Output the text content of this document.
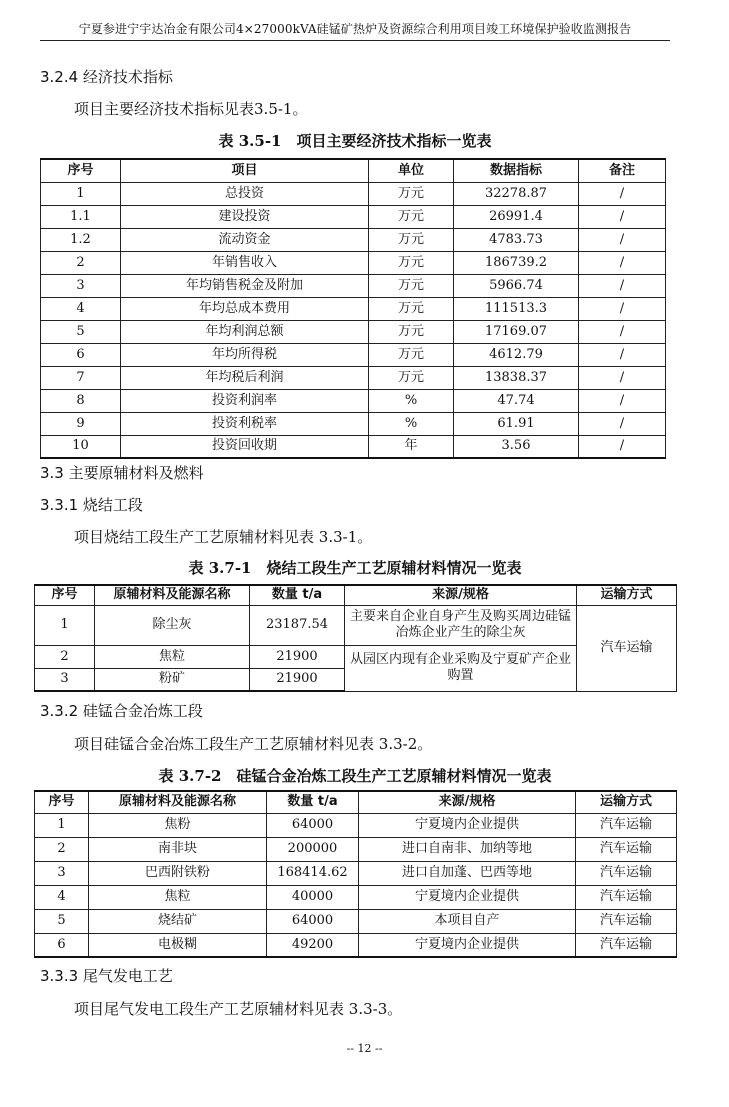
宁夏参进宁宇达冶金有限公司4×27000kVA硅锰矿热炉及资源综合利用项目竣工环境保护验收监测报告
3.2.4 经济技术指标
项目主要经济技术指标见表3.5-1。
表 3.5-1　项目主要经济技术指标一览表
序号	项目	单位	数据指标	备注
1	总投资	万元	32278.87	/
1.1	建设投资	万元	26991.4	/
1.2	流动资金	万元	4783.73	/
2	年销售收入	万元	186739.2	/
3	年均销售税金及附加	万元	5966.74	/
4	年均总成本费用	万元	111513.3	/
5	年均利润总额	万元	17169.07	/
6	年均所得税	万元	4612.79	/
7	年均税后利润	万元	13838.37	/
8	投资利润率	%	47.74	/
9	投资利税率	%	61.91	/
10	投资回收期	年	3.56	/
3.3 主要原辅材料及燃料
3.3.1 烧结工段
项目烧结工段生产工艺原辅材料见表 3.3-1。
表 3.7-1　烧结工段生产工艺原辅材料情况一览表
序号	原辅材料及能源名称	数量 t/a	来源/规格	运输方式
1	除尘灰	23187.54	主要来自企业自身产生及购买周边硅锰冶炼企业产生的除尘灰	汽车运输
2	焦粒	21900	从园区内现有企业采购及宁夏矿产企业购置	
3	粉矿	21900		
3.3.2 硅锰合金冶炼工段
项目硅锰合金冶炼工段生产工艺原辅材料见表 3.3-2。
表 3.7-2　硅锰合金冶炼工段生产工艺原辅材料情况一览表
序号	原辅材料及能源名称	数量 t/a	来源/规格	运输方式
1	焦粉	64000	宁夏境内企业提供	汽车运输
2	南非块	200000	进口自南非、加纳等地	汽车运输
3	巴西附铁粉	168414.62	进口自加蓬、巴西等地	汽车运输
4	焦粒	40000	宁夏境内企业提供	汽车运输
5	烧结矿	64000	本项目自产	汽车运输
6	电极糊	49200	宁夏境内企业提供	汽车运输
3.3.3 尾气发电工艺
项目尾气发电工段生产工艺原辅材料见表 3.3-3。
-- 12 --
